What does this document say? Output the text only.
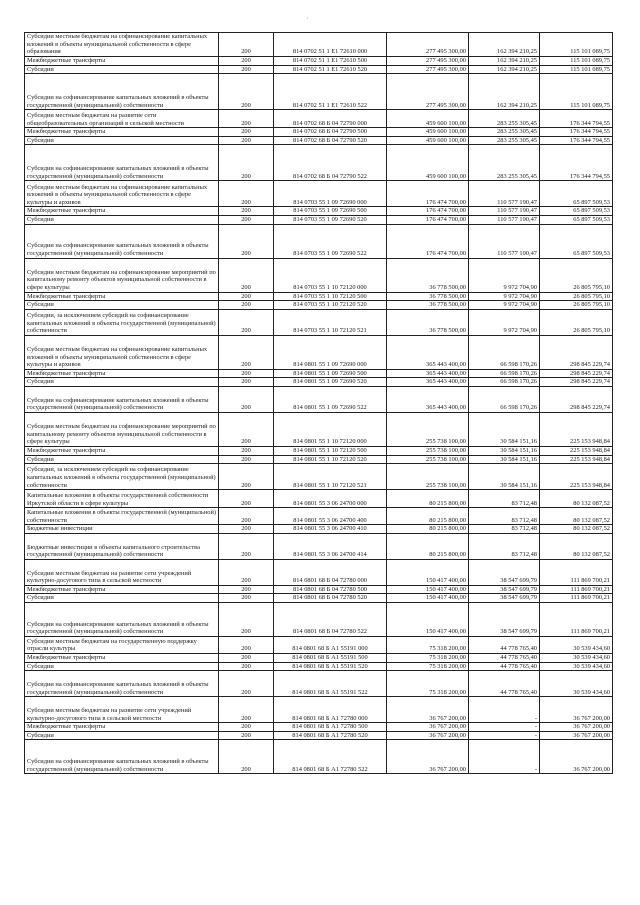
·
Субсидии местным бюджетам на софинансирование капитальных вложений в объекты муниципальной собственности в сфере образования	200	814 0702 51 1 E1 72610 000	277 495 300,00	162 394 210,25	115 101 089,75
Межбюджетные трансферты	200	814 0702 51 1 E1 72610 500	277 495 300,00	162 394 210,25	115 101 089,75
Субсидии	200	814 0702 51 1 E1 72610 520	277 495 300,00	162 394 210,25	115 101 089,75
Субсидии на софинансирование капитальных вложений в объекты государственной (муниципальной) собственности	200	814 0702 51 1 E1 72610 522	277 495 300,00	162 394 210,25	115 101 089,75
Субсидии местным бюджетам на развитие сети общеобразовательных организаций в сельской местности	200	814 0702 68 Б 04 72790 000	459 600 100,00	283 255 305,45	176 344 794,55
Межбюджетные трансферты	200	814 0702 68 Б 04 72790 500	459 600 100,00	283 255 305,45	176 344 794,55
Субсидии	200	814 0702 68 Б 04 72790 520	459 600 100,00	283 255 305,45	176 344 794,55
Субсидии на софинансирование капитальных вложений в объекты государственной (муниципальной) собственности	200	814 0702 68 Б 04 72790 522	459 600 100,00	283 255 305,45	176 344 794,55
Субсидии местным бюджетам на софинансирование капитальных вложений в объекты муниципальной собственности в сфере культуры и архивов	200	814 0703 55 1 09 72690 000	176 474 700,00	110 577 190,47	65 897 509,53
Межбюджетные трансферты	200	814 0703 55 1 09 72690 500	176 474 700,00	110 577 190,47	65 897 509,53
Субсидии	200	814 0703 55 1 09 72690 520	176 474 700,00	110 577 190,47	65 897 509,53
Субсидии на софинансирование капитальных вложений в объекты государственной (муниципальной) собственности	200	814 0703 55 1 09 72690 522	176 474 700,00	110 577 190,47	65 897 509,53
Субсидии местным бюджетам на софинансирование мероприятий по капитальному ремонту объектов муниципальной собственности в сфере культуры	200	814 0703 55 1 10 72120 000	36 778 500,00	9 972 704,90	26 805 795,10
Межбюджетные трансферты	200	814 0703 55 1 10 72120 500	36 778 500,00	9 972 704,90	26 805 795,10
Субсидии	200	814 0703 55 1 10 72120 520	36 778 500,00	9 972 704,90	26 805 795,10
Субсидии, за исключением субсидий на софинансирование капитальных вложений в объекты государственной (муниципальной) собственности	200	814 0703 55 1 10 72120 521	36 778 500,00	9 972 704,90	26 805 795,10
Субсидии местным бюджетам на софинансирование капитальных вложений в объекты муниципальной собственности в сфере культуры и архивов	200	814 0801 55 1 09 72690 000	365 443 400,00	66 598 170,26	298 845 229,74
Межбюджетные трансферты	200	814 0801 55 1 09 72690 500	365 443 400,00	66 598 170,26	298 845 229,74
Субсидии	200	814 0801 55 1 09 72690 520	365 443 400,00	66 598 170,26	298 845 229,74
Субсидии на софинансирование капитальных вложений в объекты государственной (муниципальной) собственности	200	814 0801 55 1 09 72690 522	365 443 400,00	66 598 170,26	298 845 229,74
Субсидии местным бюджетам на софинансирование мероприятий по капитальному ремонту объектов муниципальной собственности в сфере культуры	200	814 0801 55 1 10 72120 000	255 738 100,00	30 584 151,16	225 153 948,84
Межбюджетные трансферты	200	814 0801 55 1 10 72120 500	255 738 100,00	30 584 151,16	225 153 948,84
Субсидии	200	814 0801 55 1 10 72120 520	255 738 100,00	30 584 151,16	225 153 948,84
Субсидии, за исключением субсидий на софинансирование капитальных вложений в объекты государственной (муниципальной) собственности	200	814 0801 55 1 10 72120 521	255 738 100,00	30 584 151,16	225 153 948,84
Капитальные вложения в объекты государственной собственности Иркутской области в сфере культуры	200	814 0801 55 3 06 24700 000	80 215 800,00	83 712,48	80 132 087,52
Капитальные вложения в объекты государственной (муниципальной) собственности	200	814 0801 55 3 06 24700 400	80 215 800,00	83 712,48	80 132 087,52
Бюджетные инвестиции	200	814 0801 55 3 06 24700 410	80 215 800,00	83 712,48	80 132 087,52
Бюджетные инвестиции в объекты капитального строительства государственной (муниципальной) собственности	200	814 0801 55 3 06 24700 414	80 215 800,00	83 712,48	80 132 087,52
Субсидии местным бюджетам на развитие сети учреждений культурно-досугового типа в сельской местности	200	814 0801 68 Б 04 72780 000	150 417 400,00	38 547 699,79	111 869 700,21
Межбюджетные трансферты	200	814 0801 68 Б 04 72780 500	150 417 400,00	38 547 699,79	111 869 700,21
Субсидии	200	814 0801 68 Б 04 72780 520	150 417 400,00	38 547 699,79	111 869 700,21
Субсидии на софинансирование капитальных вложений в объекты государственной (муниципальной) собственности	200	814 0801 68 Б 04 72780 522	150 417 400,00	38 547 699,79	111 869 700,21
Субсидии местным бюджетам на государственную поддержку отрасли культуры	200	814 0801 68 Б A1 55191 000	75 318 200,00	44 778 765,40	30 539 434,60
Межбюджетные трансферты	200	814 0801 68 Б A1 55191 500	75 318 200,00	44 778 765,40	30 539 434,60
Субсидии	200	814 0801 68 Б A1 55191 520	75 318 200,00	44 778 765,40	30 539 434,60
Субсидии на софинансирование капитальных вложений в объекты государственной (муниципальной) собственности	200	814 0801 68 Б A1 55191 522	75 318 200,00	44 778 765,40	30 539 434,60
Субсидии местным бюджетам на развитие сети учреждений культурно-досугового типа в сельской местности	200	814 0801 68 Б A1 72780 000	36 767 200,00	-	36 767 200,00
Межбюджетные трансферты	200	814 0801 68 Б A1 72780 500	36 767 200,00	-	36 767 200,00
Субсидии	200	814 0801 68 Б A1 72780 520	36 767 200,00	-	36 767 200,00
Субсидии на софинансирование капитальных вложений в объекты государственной (муниципальной) собственности	200	814 0801 68 Б A1 72780 522	36 767 200,00	-	36 767 200,00
